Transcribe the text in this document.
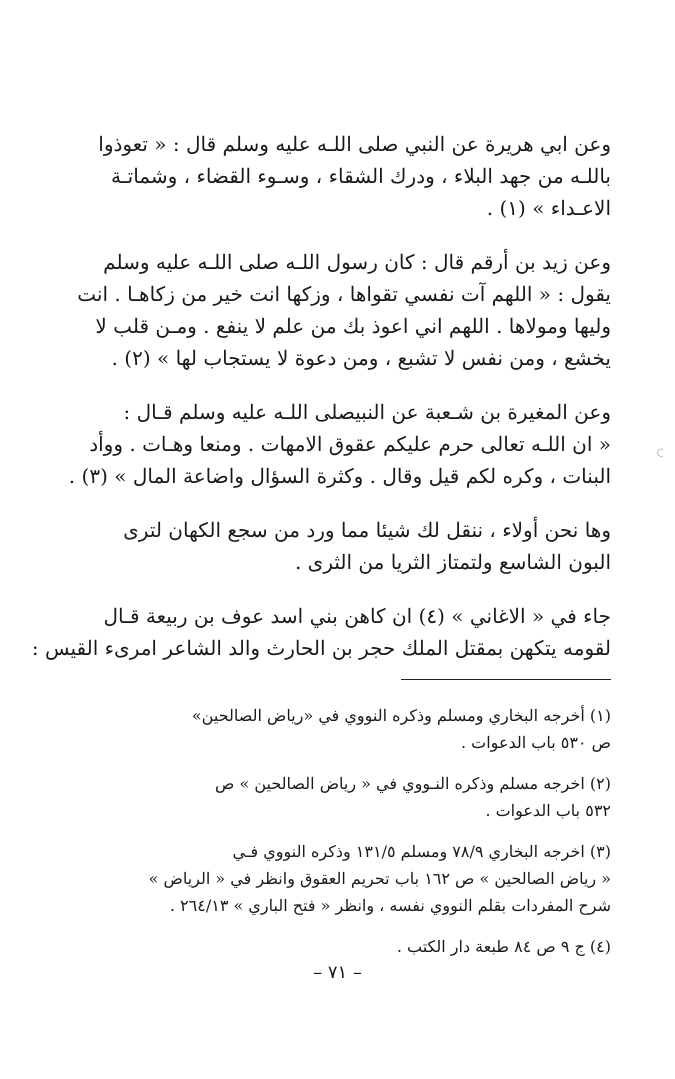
وعن ابي هريرة عن النبي صلى اللـه عليه وسلم قال : « تعوذوا
باللـه من جهد البلاء ، ودرك الشقاء ، وسـوء القضاء ، وشماتـة
الاعـداء » (١) .

وعن زيد بن أرقم قال : كان رسول اللـه صلى اللـه عليه وسلم
يقول : « اللهم آت نفسي تقواها ، وزكها انت خير من زكاهـا . انت
وليها ومولاها . اللهم اني اعوذ بك من علم لا ينفع . ومـن قلب لا
يخشع ، ومن نفس لا تشبع ، ومن دعوة لا يستجاب لها » (٢) .

وعن المغيرة بن شـعبة عن النبيصلى اللـه عليه وسلم قـال :
« ان اللـه تعالى حرم عليكم عقوق الامهات . ومنعا وهـات . ووأد
البنات ، وكره لكم قيل وقال . وكثرة السؤال واضاعة المال » (٣) .

وها نحن أولاء ، ننقل لك شيئا مما ورد من سجع الكهان لترى
البون الشاسع ولتمتاز الثريا من الثرى .

جاء في « الاغاني » (٤) ان كاهن بني اسد عوف بن ربيعة قـال
لقومه يتكهن بمقتل الملك حجر بن الحارث والد الشاعر امرىء القيس :

(١) أخرجه البخاري ومسلم وذكره النووي في «رياض الصالحين»
ص ٥٣٠ باب الدعوات .

(٢) اخرجه مسلم وذكره النـووي في « رياض الصالحين » ص
٥٣٢ باب الدعوات .

(٣) اخرجه البخاري ٧٨/٩ ومسلم ١٣١/٥ وذكره النووي فـي
« رياض الصالحين » ص ١٦٢ باب تحريم العقوق وانظر في « الرياض »
شرح المفردات بقلم النووي نفسه ، وانظر « فتح الباري » ٢٦٤/١٣ .

(٤) ج ٩ ص ٨٤ طبعة دار الكتب .

– ٧١ –
